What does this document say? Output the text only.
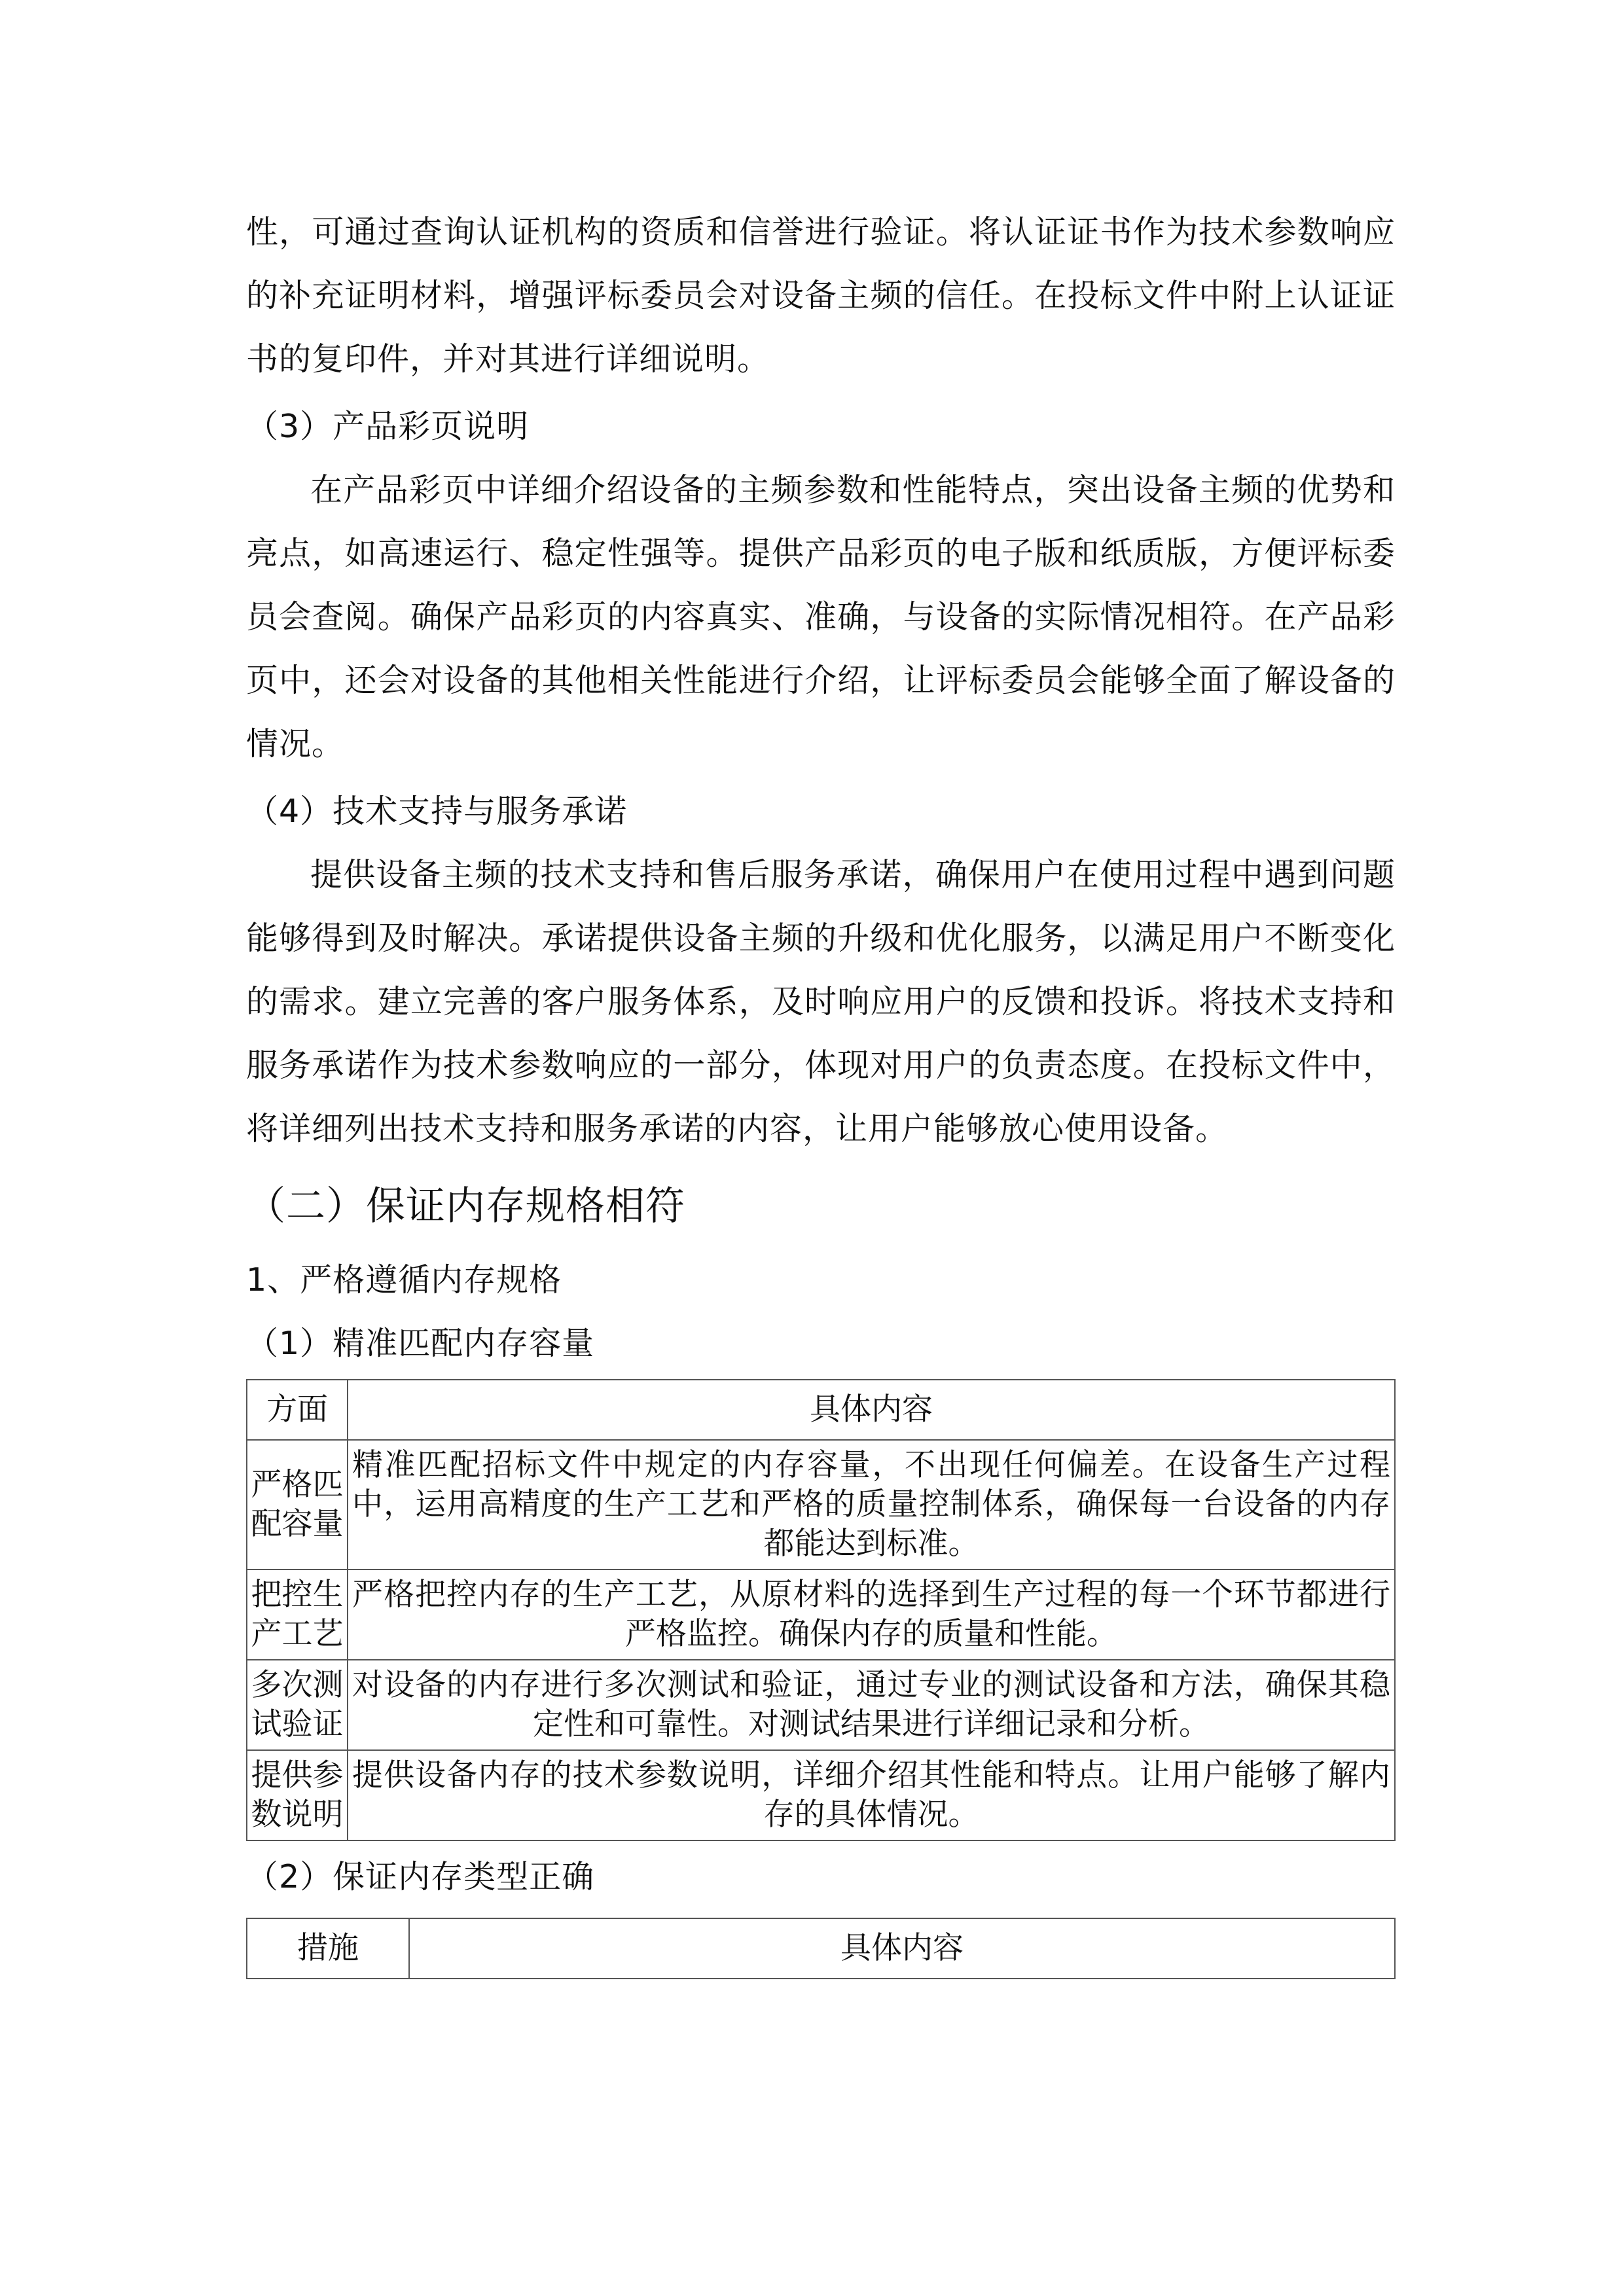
性，可通过查询认证机构的资质和信誉进行验证。将认证证书作为技术参数响应的补充证明材料，增强评标委员会对设备主频的信任。在投标文件中附上认证证书的复印件，并对其进行详细说明。

（3）产品彩页说明

在产品彩页中详细介绍设备的主频参数和性能特点，突出设备主频的优势和亮点，如高速运行、稳定性强等。提供产品彩页的电子版和纸质版，方便评标委员会查阅。确保产品彩页的内容真实、准确，与设备的实际情况相符。在产品彩页中，还会对设备的其他相关性能进行介绍，让评标委员会能够全面了解设备的情况。

（4）技术支持与服务承诺

提供设备主频的技术支持和售后服务承诺，确保用户在使用过程中遇到问题能够得到及时解决。承诺提供设备主频的升级和优化服务，以满足用户不断变化的需求。建立完善的客户服务体系，及时响应用户的反馈和投诉。将技术支持和服务承诺作为技术参数响应的一部分，体现对用户的负责态度。在投标文件中，将详细列出技术支持和服务承诺的内容，让用户能够放心使用设备。

（二）保证内存规格相符

1、严格遵循内存规格

（1）精准匹配内存容量

方面	具体内容
严格匹配容量	精准匹配招标文件中规定的内存容量，不出现任何偏差。在设备生产过程中，运用高精度的生产工艺和严格的质量控制体系，确保每一台设备的内存都能达到标准。
把控生产工艺	严格把控内存的生产工艺，从原材料的选择到生产过程的每一个环节都进行严格监控。确保内存的质量和性能。
多次测试验证	对设备的内存进行多次测试和验证，通过专业的测试设备和方法，确保其稳定性和可靠性。对测试结果进行详细记录和分析。
提供参数说明	提供设备内存的技术参数说明，详细介绍其性能和特点。让用户能够了解内存的具体情况。

（2）保证内存类型正确

措施	具体内容
